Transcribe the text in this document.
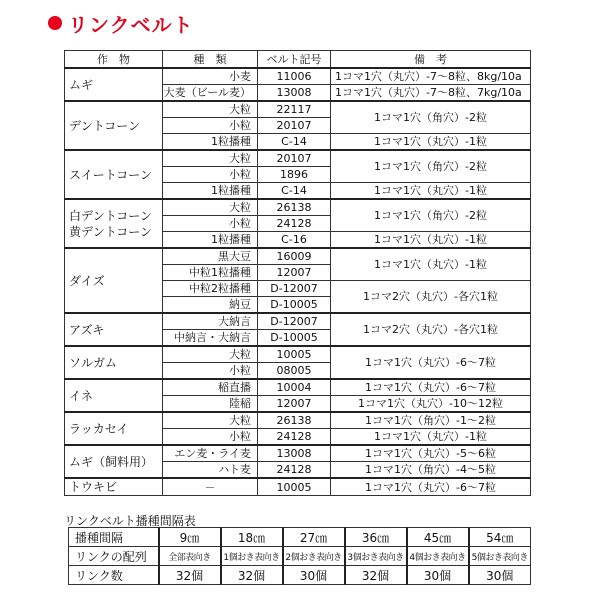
リンクベルト
作　物	種　類	ベルト記号	備　考
ムギ	小麦	11006	1コマ1穴（丸穴）-7～8粒、8kg/10a
	大麦（ビール麦）	13008	1コマ1穴（丸穴）-7～8粒、7kg/10a
デントコーン	大粒	22117	1コマ1穴（角穴）-2粒
	小粒	20107	
	1粒播種	C-14	1コマ1穴（丸穴）-1粒
スイートコーン	大粒	20107	1コマ1穴（角穴）-2粒
	小粒	1896	
	1粒播種	C-14	1コマ1穴（丸穴）-1粒
白デントコーン
黄デントコーン	大粒	26138	1コマ1穴（角穴）-2粒
	小粒	24128	
	1粒播種	C-16	1コマ1穴（丸穴）-1粒
ダイズ	黒大豆	16009	1コマ1穴（丸穴）-1粒
	中粒1粒播種	12007	
	中粒2粒播種	D-12007	1コマ2穴（丸穴）-各穴1粒
	納豆	D-10005	
アズキ	大納言	D-12007	1コマ2穴（丸穴）-各穴1粒
	中納言・大納言	D-10005	
ソルガム	大粒	10005	1コマ1穴（丸穴）-6～7粒
	小粒	08005	
イネ	稲直播	10004	1コマ1穴（丸穴）-6～7粒
	陸稲	12007	1コマ1穴（丸穴）-10～12粒
ラッカセイ	大粒	26138	1コマ1穴（角穴）-1～2粒
	小粒	24128	1コマ1穴（丸穴）-1粒
ムギ（飼料用）	エン麦・ライ麦	13008	1コマ1穴（丸穴）-5～6粒
	ハト麦	24128	1コマ1穴（角穴）-4～5粒
トウキビ	－	10005	1コマ1穴（丸穴）-6～7粒
リンクベルト播種間隔表
播種間隔	9㎝	18㎝	27㎝	36㎝	45㎝	54㎝
リンクの配列	全部表向き	1個おき表向き	2個おき表向き	3個おき表向き	4個おき表向き	5個おき表向き
リンク数	32個	32個	30個	32個	30個	30個
